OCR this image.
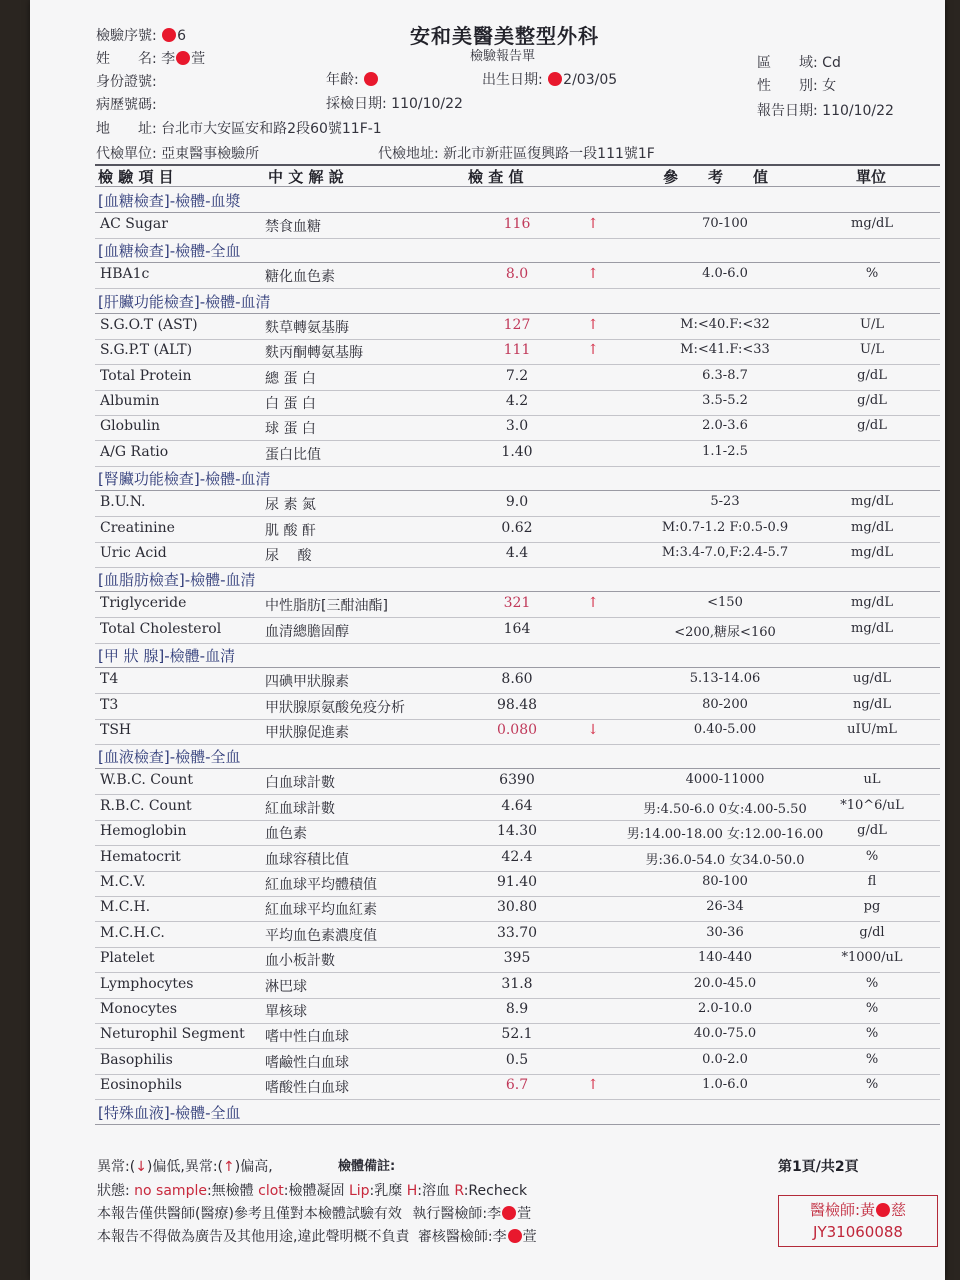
安和美醫美整型外科
檢驗報告單
檢驗序號: 6
姓　　名: 李 萱
身份證號:
病歷號碼:
地　　址: 台北市大安區安和路2段60號11F-1
代檢單位: 亞東醫事檢驗所
年齡:	出生日期: 2/03/05
採檢日期: 110/10/22
代檢地址: 新北市新莊區復興路一段111號1F
區　　域: Cd
性　　別: 女
報告日期: 110/10/22
檢 驗 項 目	中 文 解 說	檢 查 值	參　　考　　值	單位
[血糖檢查]-檢體-血漿
AC Sugar	禁食血糖	116	↑	70-100	mg/dL
[血糖檢查]-檢體-全血
HBA1c	糖化血色素	8.0	↑	4.0-6.0	%
[肝臟功能檢查]-檢體-血清
S.G.O.T (AST)	麩草轉氨基脢	127	↑	M:<40.F:<32	U/L
S.G.P.T (ALT)	麩丙酮轉氨基脢	111	↑	M:<41.F:<33	U/L
Total Protein	總 蛋 白	7.2	6.3-8.7	g/dL
Albumin	白 蛋 白	4.2	3.5-5.2	g/dL
Globulin	球 蛋 白	3.0	2.0-3.6	g/dL
A/G Ratio	蛋白比值	1.40	1.1-2.5
[腎臟功能檢查]-檢體-血清
B.U.N.	尿 素 氮	9.0	5-23	mg/dL
Creatinine	肌 酸 酐	0.62	M:0.7-1.2 F:0.5-0.9	mg/dL
Uric Acid	尿　 酸	4.4	M:3.4-7.0,F:2.4-5.7	mg/dL
[血脂肪檢查]-檢體-血清
Triglyceride	中性脂肪[三酣油酯]	321	↑	<150	mg/dL
Total Cholesterol	血清總膽固醇	164	<200,糖尿<160	mg/dL
[甲 狀 腺]-檢體-血清
T4	四碘甲狀腺素	8.60	5.13-14.06	ug/dL
T3	甲狀腺原氨酸免疫分析	98.48	80-200	ng/dL
TSH	甲狀腺促進素	0.080	↓	0.40-5.00	uIU/mL
[血液檢查]-檢體-全血
W.B.C. Count	白血球計數	6390	4000-11000	uL
R.B.C. Count	紅血球計數	4.64	男:4.50-6.0 0女:4.00-5.50	*10^6/uL
Hemoglobin	血色素	14.30	男:14.00-18.00 女:12.00-16.00	g/dL
Hematocrit	血球容積比值	42.4	男:36.0-54.0 女34.0-50.0	%
M.C.V.	紅血球平均體積值	91.40	80-100	fl
M.C.H.	紅血球平均血紅素	30.80	26-34	pg
M.C.H.C.	平均血色素濃度值	33.70	30-36	g/dl
Platelet	血小板計數	395	140-440	*1000/uL
Lymphocytes	淋巴球	31.8	20.0-45.0	%
Monocytes	單核球	8.9	2.0-10.0	%
Neturophil Segment 嗜中性白血球	52.1	40.0-75.0	%
Basophilis	嗜鹼性白血球	0.5	0.0-2.0	%
Eosinophils	嗜酸性白血球	6.7	↑	1.0-6.0	%
[特殊血液]-檢體-全血
異常:(↓)偏低,異常:(↑)偏高,	檢體備註:	第1頁/共2頁
狀態: no sample:無檢體 clot:檢體凝固 Lip:乳糜 H:溶血 R:Recheck
本報告僅供醫師(醫療)參考且僅對本檢體試驗有效 執行醫檢師:李 萱
本報告不得做為廣告及其他用途,違此聲明概不負責 審核醫檢師:李 萱
醫檢師:黃 慈
JY31060088
